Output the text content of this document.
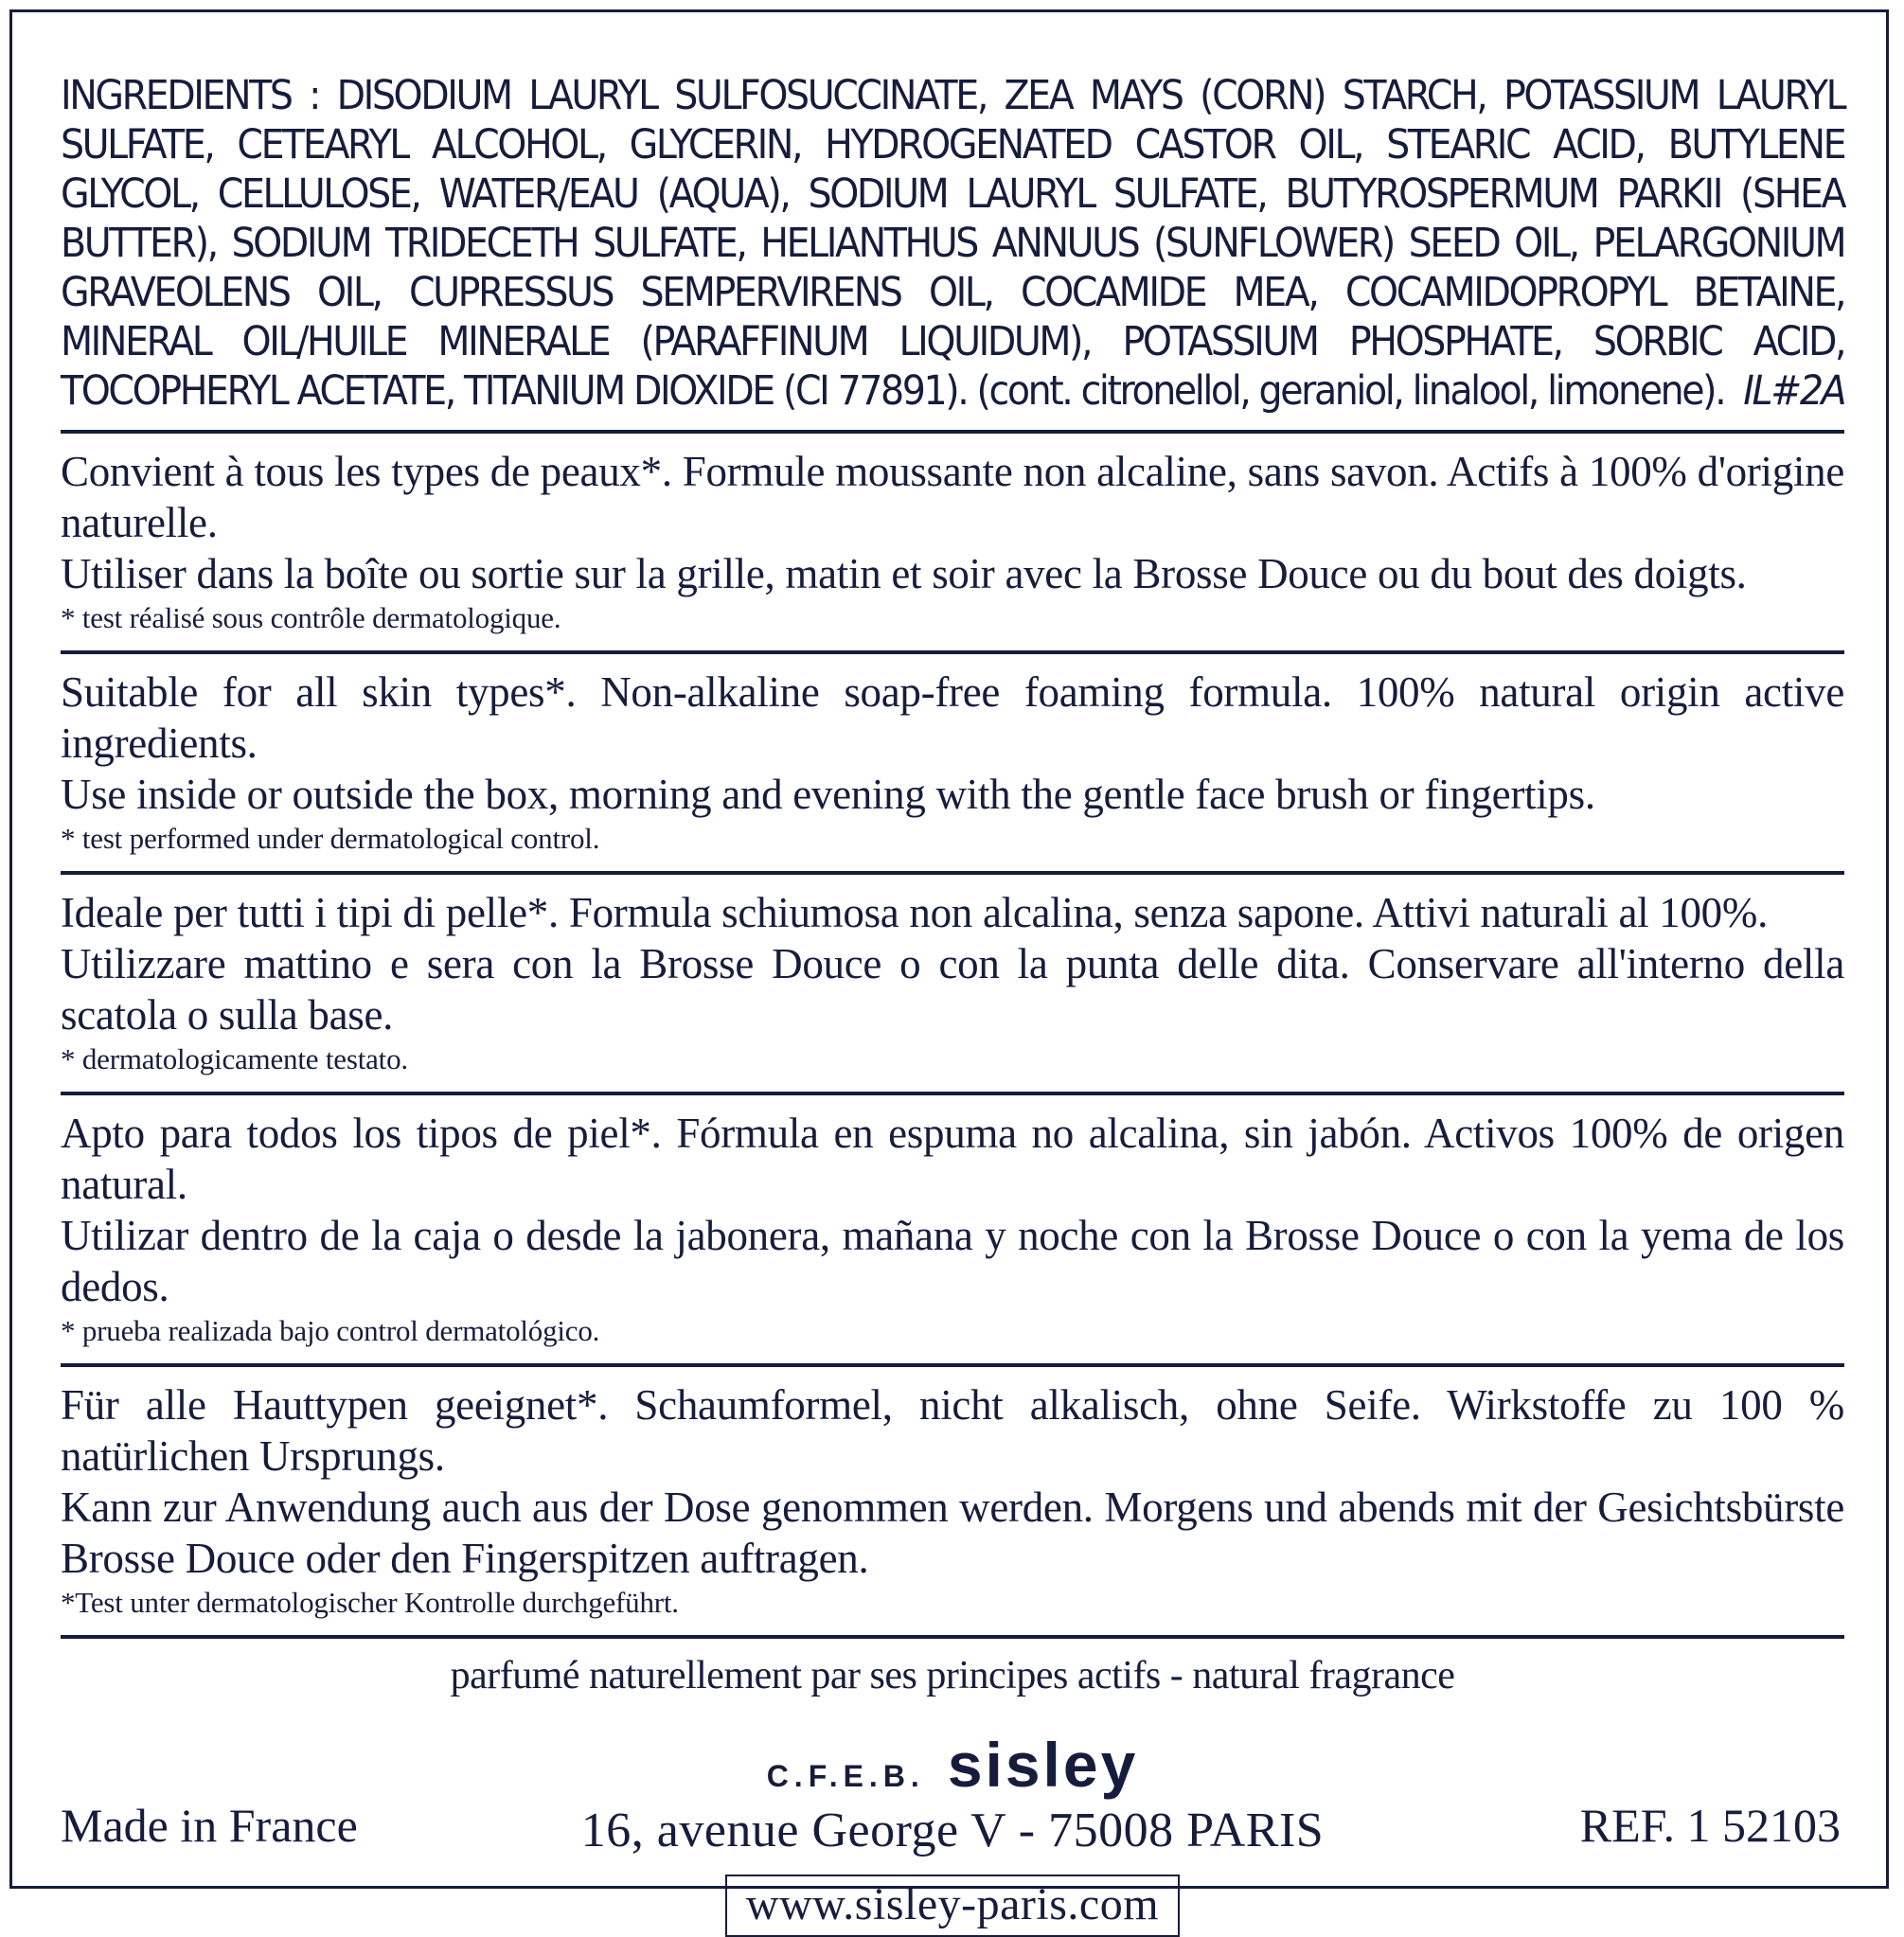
INGREDIENTS : DISODIUM LAURYL SULFOSUCCINATE, ZEA MAYS (CORN) STARCH, POTASSIUM LAURYL SULFATE, CETEARYL ALCOHOL, GLYCERIN, HYDROGENATED CASTOR OIL, STEARIC ACID, BUTYLENE GLYCOL, CELLULOSE, WATER/EAU (AQUA), SODIUM LAURYL SULFATE, BUTYROSPERMUM PARKII (SHEA BUTTER), SODIUM TRIDECETH SULFATE, HELIANTHUS ANNUUS (SUNFLOWER) SEED OIL, PELARGONIUM GRAVEOLENS OIL, CUPRESSUS SEMPERVIRENS OIL, COCAMIDE MEA, COCAMIDOPROPYL BETAINE, MINERAL OIL/HUILE MINERALE (PARAFFINUM LIQUIDUM), POTASSIUM PHOSPHATE, SORBIC ACID, TOCOPHERYL ACETATE, TITANIUM DIOXIDE (CI 77891). (cont. citronellol, geraniol, linalool, limonene). IL#2A

Convient à tous les types de peaux*. Formule moussante non alcaline, sans savon. Actifs à 100% d'origine naturelle.

Utiliser dans la boîte ou sortie sur la grille, matin et soir avec la Brosse Douce ou du bout des doigts.

* test réalisé sous contrôle dermatologique.

Suitable for all skin types*. Non-alkaline soap-free foaming formula. 100% natural origin active ingredients.

Use inside or outside the box, morning and evening with the gentle face brush or fingertips.

* test performed under dermatological control.

Ideale per tutti i tipi di pelle*. Formula schiumosa non alcalina, senza sapone. Attivi naturali al 100%.

Utilizzare mattino e sera con la Brosse Douce o con la punta delle dita. Conservare all'interno della scatola o sulla base.

* dermatologicamente testato.

Apto para todos los tipos de piel*. Fórmula en espuma no alcalina, sin jabón. Activos 100% de origen natural.

Utilizar dentro de la caja o desde la jabonera, mañana y noche con la Brosse Douce o con la yema de los dedos.

* prueba realizada bajo control dermatológico.

Für alle Hauttypen geeignet*. Schaumformel, nicht alkalisch, ohne Seife. Wirkstoffe zu 100 % natürlichen Ursprungs.

Kann zur Anwendung auch aus der Dose genommen werden. Morgens und abends mit der Gesichtsbürste Brosse Douce oder den Fingerspitzen auftragen.

*Test unter dermatologischer Kontrolle durchgeführt.

parfumé naturellement par ses principes actifs - natural fragrance
C.F.E.B. sisley
16, avenue George V - 75008 PARIS
www.sisley-paris.com
Made in France	REF. 1 52103
